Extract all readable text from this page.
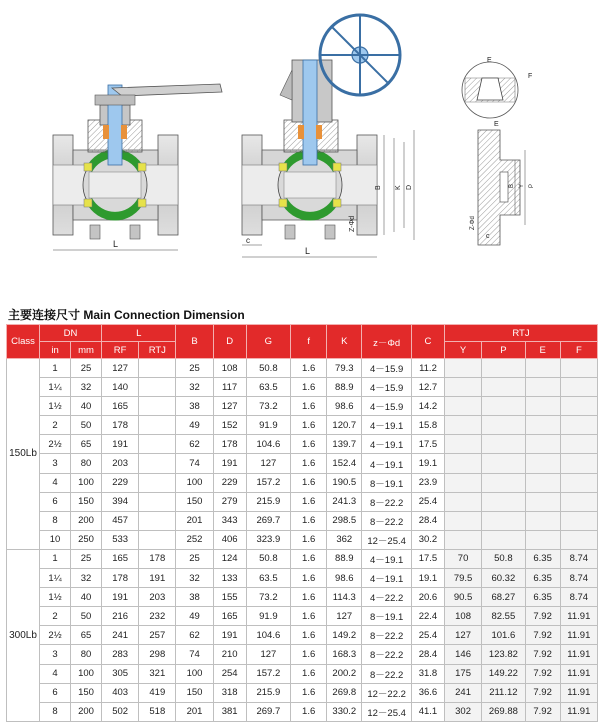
L
B K D
Z-Φd
c
L
E
F
B Y P
E
Z-Φd
c
主要连接尺寸 Main Connection Dimension
Class	DN		L		B	D	G	f	K	z－Φd	C	RTJ			
	in	mm	RF	RTJ								Y	P	E	F
150Lb	1	25	127		25	108	50.8	1.6	79.3	4－15.9	11.2				
	1¼	32	140		32	117	63.5	1.6	88.9	4－15.9	12.7				
	1½	40	165		38	127	73.2	1.6	98.6	4－15.9	14.2				
	2	50	178		49	152	91.9	1.6	120.7	4－19.1	15.8				
	2½	65	191		62	178	104.6	1.6	139.7	4－19.1	17.5				
	3	80	203		74	191	127	1.6	152.4	4－19.1	19.1				
	4	100	229		100	229	157.2	1.6	190.5	8－19.1	23.9				
	6	150	394		150	279	215.9	1.6	241.3	8－22.2	25.4				
	8	200	457		201	343	269.7	1.6	298.5	8－22.2	28.4				
	10	250	533		252	406	323.9	1.6	362	12－25.4	30.2				
300Lb	1	25	165	178	25	124	50.8	1.6	88.9	4－19.1	17.5	70	50.8	6.35	8.74
	1¼	32	178	191	32	133	63.5	1.6	98.6	4－19.1	19.1	79.5	60.32	6.35	8.74
	1½	40	191	203	38	155	73.2	1.6	114.3	4－22.2	20.6	90.5	68.27	6.35	8.74
	2	50	216	232	49	165	91.9	1.6	127	8－19.1	22.4	108	82.55	7.92	11.91
	2½	65	241	257	62	191	104.6	1.6	149.2	8－22.2	25.4	127	101.6	7.92	11.91
	3	80	283	298	74	210	127	1.6	168.3	8－22.2	28.4	146	123.82	7.92	11.91
	4	100	305	321	100	254	157.2	1.6	200.2	8－22.2	31.8	175	149.22	7.92	11.91
	6	150	403	419	150	318	215.9	1.6	269.8	12－22.2	36.6	241	211.12	7.92	11.91
	8	200	502	518	201	381	269.7	1.6	330.2	12－25.4	41.1	302	269.88	7.92	11.91
